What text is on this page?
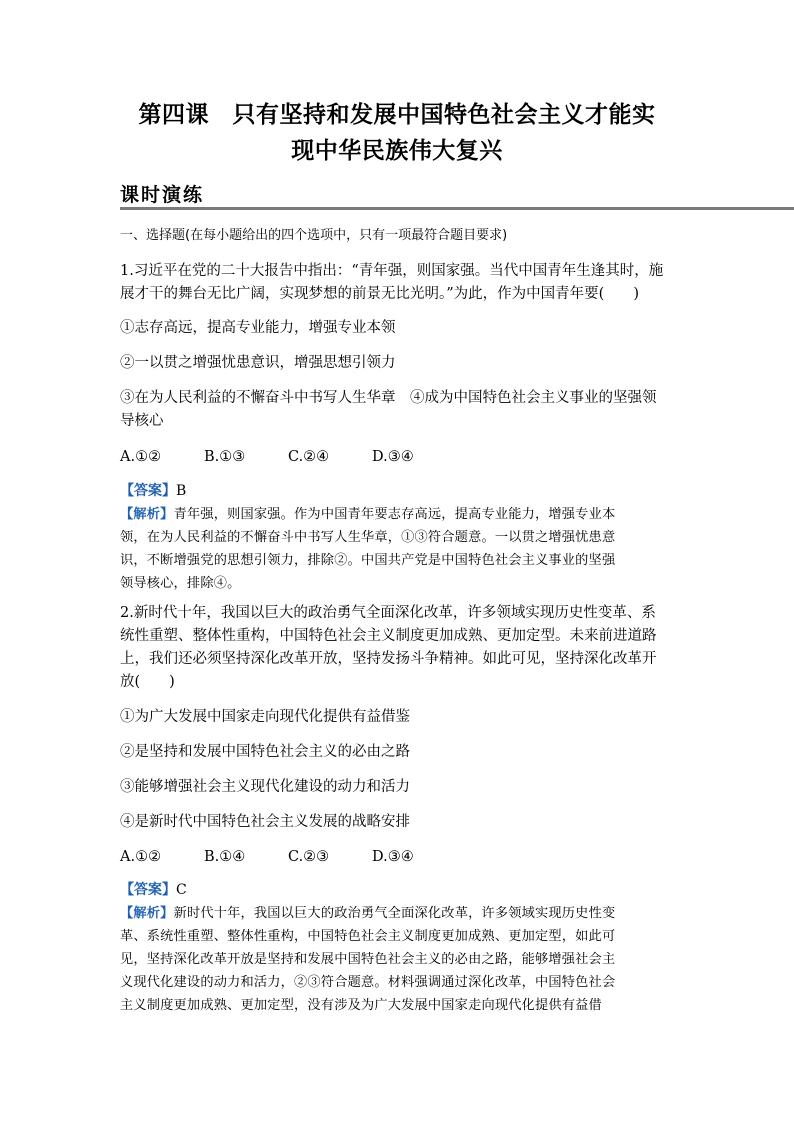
第四课　只有坚持和发展中国特色社会主义才能实
现中华民族伟大复兴
课时演练
一、选择题(在每小题给出的四个选项中，只有一项最符合题目要求)
1.习近平在党的二十大报告中指出：“青年强，则国家强。当代中国青年生逢其时，施
展才干的舞台无比广阔，实现梦想的前景无比光明。”为此，作为中国青年要(　　)
①志存高远，提高专业能力，增强专业本领
②一以贯之增强忧患意识，增强思想引领力
③在为人民利益的不懈奋斗中书写人生华章　④成为中国特色社会主义事业的坚强领
导核心
A.①②	B.①③	C.②④	D.③④
【答案】B
【解析】青年强，则国家强。作为中国青年要志存高远，提高专业能力，增强专业本
领，在为人民利益的不懈奋斗中书写人生华章，①③符合题意。一以贯之增强忧患意
识，不断增强党的思想引领力，排除②。中国共产党是中国特色社会主义事业的坚强
领导核心，排除④。
2.新时代十年，我国以巨大的政治勇气全面深化改革，许多领域实现历史性变革、系
统性重塑、整体性重构，中国特色社会主义制度更加成熟、更加定型。未来前进道路
上，我们还必须坚持深化改革开放，坚持发扬斗争精神。如此可见，坚持深化改革开
放(　　)
①为广大发展中国家走向现代化提供有益借鉴
②是坚持和发展中国特色社会主义的必由之路
③能够增强社会主义现代化建设的动力和活力
④是新时代中国特色社会主义发展的战略安排
A.①②	B.①④	C.②③	D.③④
【答案】C
【解析】新时代十年，我国以巨大的政治勇气全面深化改革，许多领域实现历史性变
革、系统性重塑、整体性重构，中国特色社会主义制度更加成熟、更加定型，如此可
见，坚持深化改革开放是坚持和发展中国特色社会主义的必由之路，能够增强社会主
义现代化建设的动力和活力，②③符合题意。材料强调通过深化改革，中国特色社会
主义制度更加成熟、更加定型，没有涉及为广大发展中国家走向现代化提供有益借
